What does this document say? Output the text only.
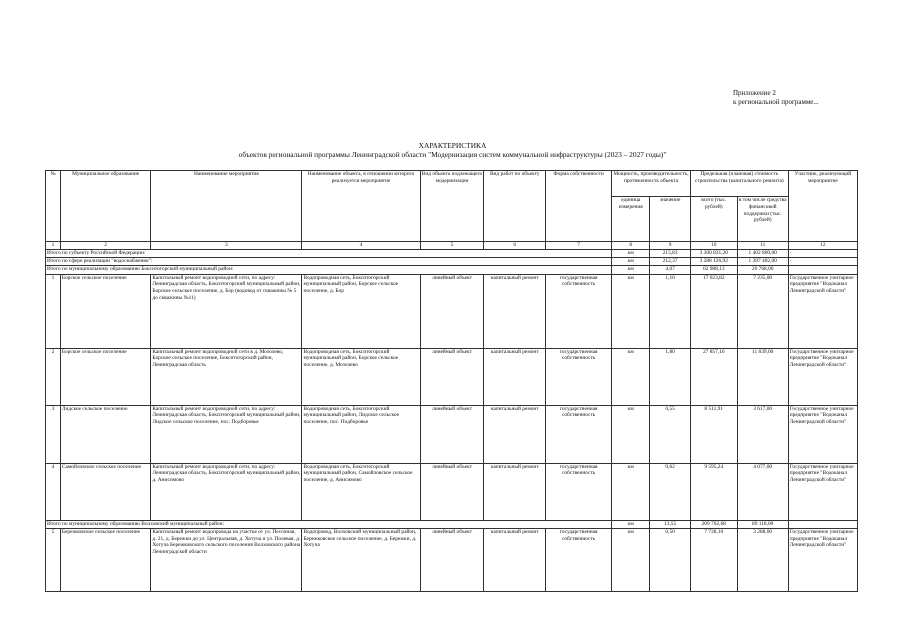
Приложение 2
к региональной программе...
ХАРАКТЕРИСТИКА
объектов региональной программы Ленинградской области "Модернизация систем коммунальной инфраструктуры (2023 – 2027 годы)"
№	Муниципальное образование	Наименование мероприятия	Наименование объекта, в отношении которого реализуется мероприятие	Вид объекта подлежащего модернизации	Вид работ по объекту	Форма собственности	Мощность, производительность, протяженность объекта		Предельная (плановая) стоимость строительства (капитального ремонта)		Участник, реализующий мероприятие
							единица измерения	значение	всего (тыс. рублей)	в том числе средства финансовой поддержки (тыс. рублей)	
1	2	3	4	5	6	7	8	9	10	11	12
Итого по субъекту Российской Федерации:							км	215,83	3 300 831,20	1 402 800,00	-
Итого по сфере реализации "водоснабжение":							км	212,37	3 288 126,92	1 397 402,00	-
Итого по муниципальному образованию Бокситогорский муниципальный район:							км	4,07	62 988,13	26 768,00	
1	Борское сельское поселение	Капитальный ремонт водопроводной сети, по адресу: Ленинградская область, Бокситогорский муниципальный район, Борское сельское поселение, д. Бор (водовод от скважины № 5 до скважины №11)	Водопроводная сеть, Бокситогорский муниципальный район, Борское сельское поселение, д. Бор	линейный объект	капитальный ремонт	государственная собственность	км	1,10	17 023,82	7 235,00	Государственное унитарное предприятие "Водоканал Ленинградской области"
2	Борское сельское поселение	Капитальный ремонт водопроводной сети в д. Мозолево, Борское сельское поселение, Бокситогорский район, Ленинградская область	Водопроводная сеть, Бокситогорский муниципальный район, Борское сельское поселение, д. Мозолево	линейный объект	капитальный ремонт	государственная собственность	км	1,80	27 857,16	11 839,00	Государственное унитарное предприятие "Водоканал Ленинградской области"
3	Лидское сельское поселение	Капитальный ремонт водопроводной сети, по адресу: Ленинградская область, Бокситогорский муниципальный район, Лидское сельское поселение, пос. Подборовье	Водопроводная сеть, Бокситогорский муниципальный район, Лидское сельское поселение, пос. Подборовье	линейный объект	капитальный ремонт	государственная собственность	км	0,55	8 511,91	3 617,00	Государственное унитарное предприятие "Водоканал Ленинградской области"
4	Самойловское сельское поселение	Капитальный ремонт водопроводной сети, по адресу: Ленинградская область, Бокситогорский муниципальный район, д. Анисимово	Водопроводная сеть, Бокситогорский муниципальный район, Самойловское сельское поселение, д. Анисимово	линейный объект	капитальный ремонт	государственная собственность	км	0,62	9 595,24	4 077,00	Государственное унитарное предприятие "Водоканал Ленинградской области"
Итого по муниципальному образованию Волховский муниципальный район:							км	13,55	209 702,68	89 118,00	
5	Бережковское сельское поселение	Капитальный ремонт водопровода на участке от ул. Песочная, д. 21, д. Бережки до ул. Центральная, д. Хотуча и ул. Полевая, д. Хотуча Бережковского сельского поселения Волховского района Ленинградской области	Водопровод, Волховский муниципальный район, Бережковское сельское поселение, д. Бережки, д. Хотуча	линейный объект	капитальный ремонт	государственная собственность	км	0,50	7 738,10	3 288,00	Государственное унитарное предприятие "Водоканал Ленинградской области"
